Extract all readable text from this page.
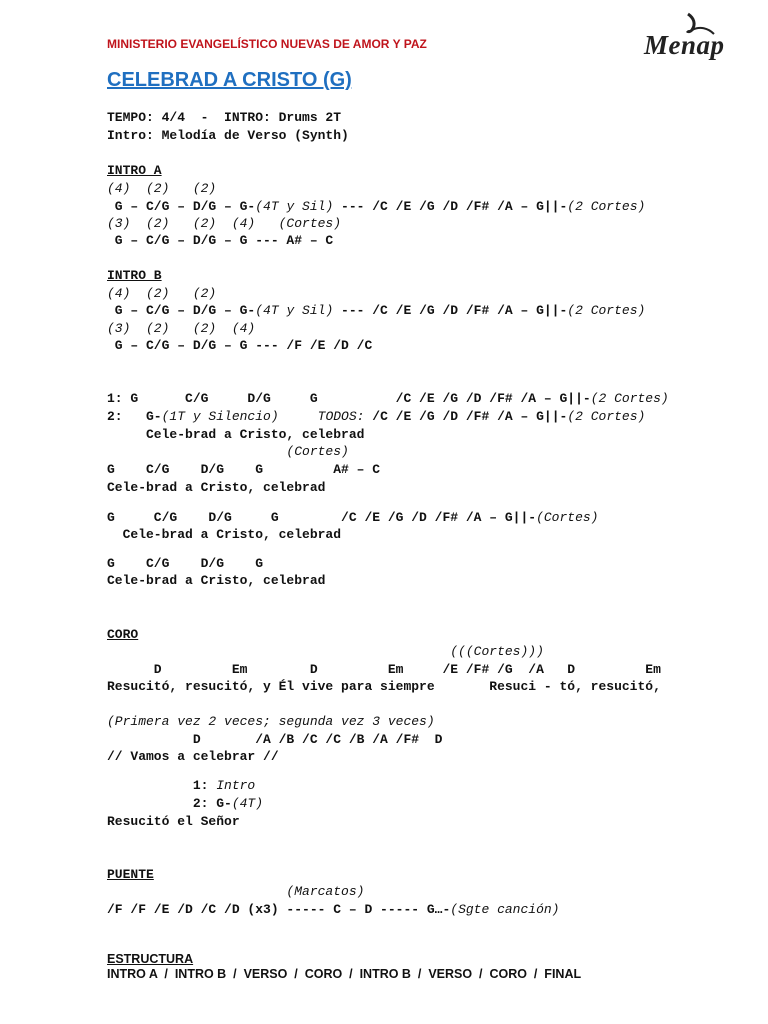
MINISTERIO EVANGELÍSTICO NUEVAS DE AMOR Y PAZ	Menap
CELEBRAD A CRISTO (G)
TEMPO: 4/4  -  INTRO: Drums 2T
Intro: Melodía de Verso (Synth)
INTRO A
(4)  (2)   (2)
G – C/G – D/G – G-(4T y Sil) --- /C /E /G /D /F# /A – G||-(2 Cortes)
(3)  (2)   (2)  (4)   (Cortes)
G – C/G – D/G – G --- A# – C
INTRO B
(4)  (2)   (2)
G – C/G – D/G – G-(4T y Sil) --- /C /E /G /D /F# /A – G||-(2 Cortes)
(3)  (2)   (2)  (4)
G – C/G – D/G – G --- /F /E /D /C
1: G      C/G     D/G     G          /C /E /G /D /F# /A – G||-(2 Cortes)
2:   G-(1T y Silencio)	TODOS: /C /E /G /D /F# /A – G||-(2 Cortes)
Cele-brad a Cristo, celebrad
(Cortes)
G    C/G    D/G    G         A# – C
Cele-brad a Cristo, celebrad
G     C/G    D/G     G        /C /E /G /D /F# /A – G||-(Cortes)
Cele-brad a Cristo, celebrad
G    C/G    D/G    G
Cele-brad a Cristo, celebrad
CORO
(((Cortes)))
D         Em        D         Em     /E /F# /G  /A   D         Em
Resucitó, resucitó, y Él vive para siempre       Resuci - tó, resucitó,
(Primera vez 2 veces; segunda vez 3 veces)
D       /A /B /C /C /B /A /F#  D
// Vamos a celebrar //
1: Intro
2: G-(4T)
Resucitó el Señor
PUENTE
(Marcatos)
/F /F /E /D /C /D (x3) ----- C – D ----- G…-(Sgte canción)
ESTRUCTURA
INTRO A  /  INTRO B  /  VERSO  /  CORO  /  INTRO B  /  VERSO  /  CORO  /  FINAL
